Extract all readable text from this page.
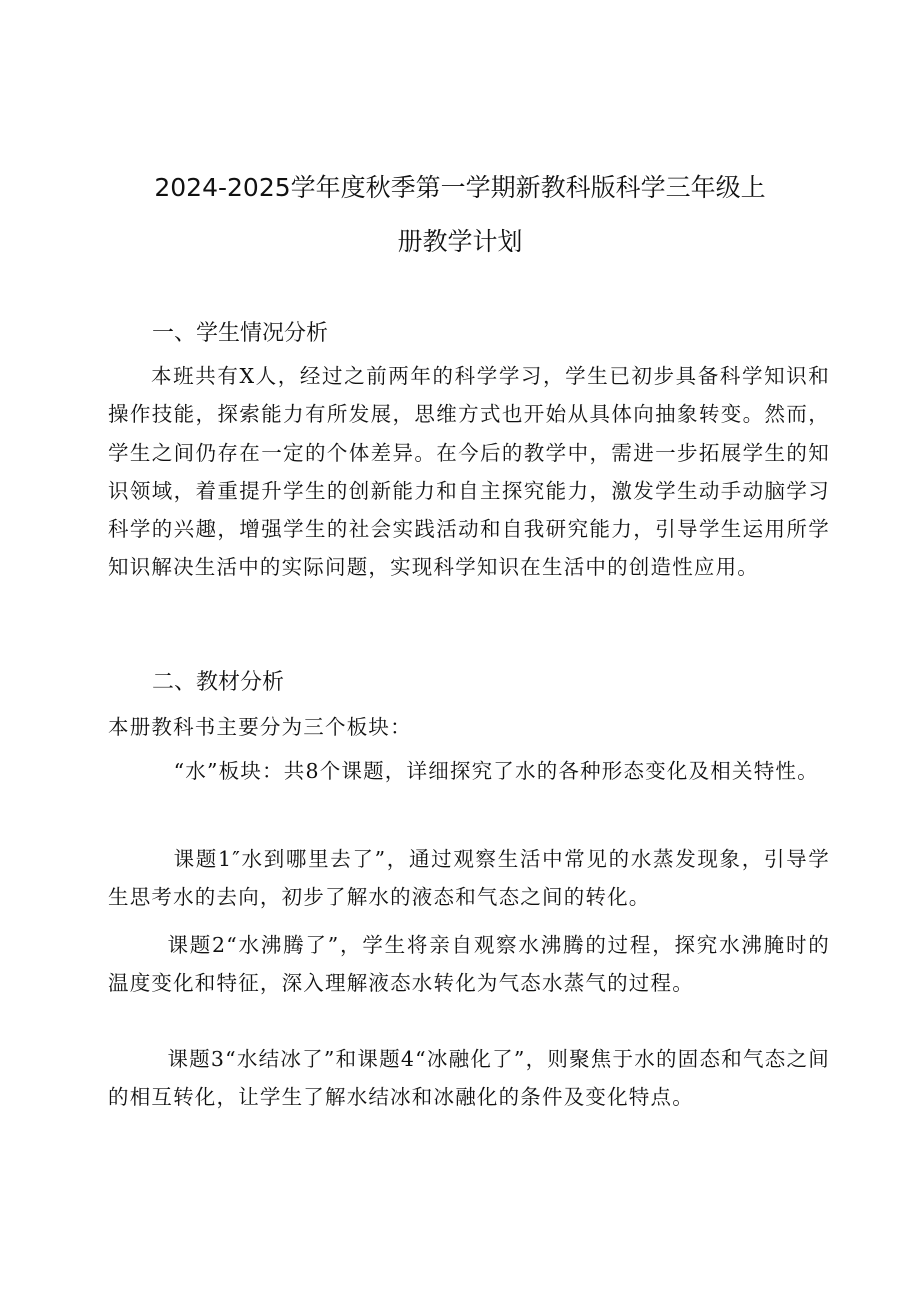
2024-2025学年度秋季第一学期新教科版科学三年级上
册教学计划
一、学生情况分析

本班共有X人，经过之前两年的科学学习，学生已初步具备科学知识和操作技能，探索能力有所发展，思维方式也开始从具体向抽象转变。然而，学生之间仍存在一定的个体差异。在今后的教学中，需进一步拓展学生的知识领域，着重提升学生的创新能力和自主探究能力，激发学生动手动脑学习科学的兴趣，增强学生的社会实践活动和自我研究能力，引导学生运用所学知识解决生活中的实际问题，实现科学知识在生活中的创造性应用。

二、教材分析

本册教科书主要分为三个板块：

“水”板块：共8个课题，详细探究了水的各种形态变化及相关特性。

课题1″水到哪里去了”，通过观察生活中常见的水蒸发现象，引导学生思考水的去向，初步了解水的液态和气态之间的转化。

课题2“水沸腾了”，学生将亲自观察水沸腾的过程，探究水沸腌时的温度变化和特征，深入理解液态水转化为气态水蒸气的过程。

课题3“水结冰了”和课题4“冰融化了”，则聚焦于水的固态和气态之间的相互转化，让学生了解水结冰和冰融化的条件及变化特点。
